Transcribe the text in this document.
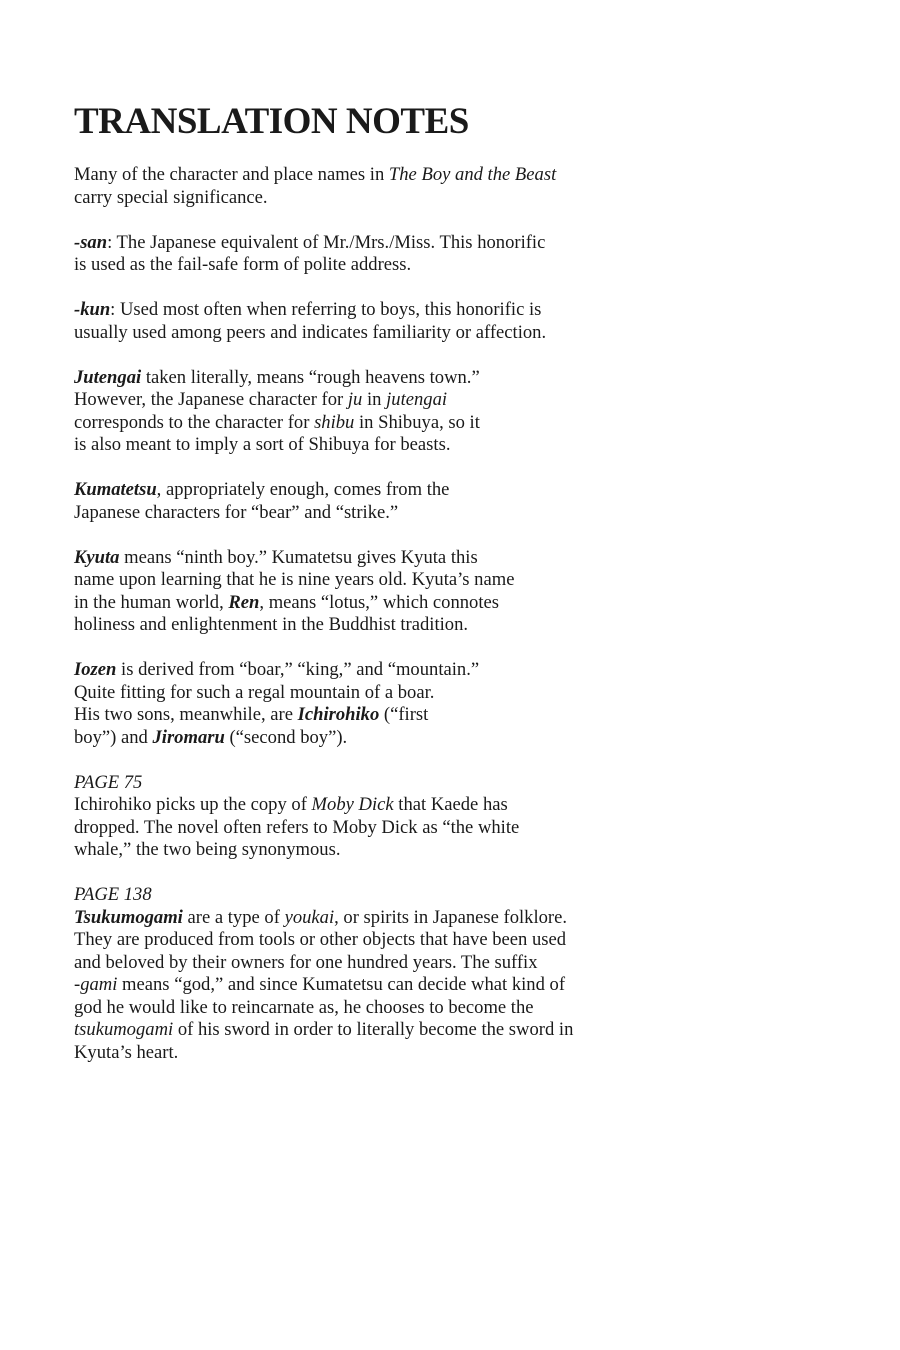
TRANSLATION NOTES
Many of the character and place names in The Boy and the Beast
carry special significance.
-san: The Japanese equivalent of Mr./Mrs./Miss. This honorific
is used as the fail-safe form of polite address.
-kun: Used most often when referring to boys, this honorific is
usually used among peers and indicates familiarity or affection.
Jutengai taken literally, means “rough heavens town.”
However, the Japanese character for ju in jutengai
corresponds to the character for shibu in Shibuya, so it
is also meant to imply a sort of Shibuya for beasts.
Kumatetsu, appropriately enough, comes from the
Japanese characters for “bear” and “strike.”
Kyuta means “ninth boy.” Kumatetsu gives Kyuta this
name upon learning that he is nine years old. Kyuta’s name
in the human world, Ren, means “lotus,” which connotes
holiness and enlightenment in the Buddhist tradition.
Iozen is derived from “boar,” “king,” and “mountain.”
Quite fitting for such a regal mountain of a boar.
His two sons, meanwhile, are Ichirohiko (“first
boy”) and Jiromaru (“second boy”).
PAGE 75
Ichirohiko picks up the copy of Moby Dick that Kaede has
dropped. The novel often refers to Moby Dick as “the white
whale,” the two being synonymous.
PAGE 138
Tsukumogami are a type of youkai, or spirits in Japanese folklore.
They are produced from tools or other objects that have been used
and beloved by their owners for one hundred years. The suffix
-gami means “god,” and since Kumatetsu can decide what kind of
god he would like to reincarnate as, he chooses to become the
tsukumogami of his sword in order to literally become the sword in
Kyuta’s heart.
